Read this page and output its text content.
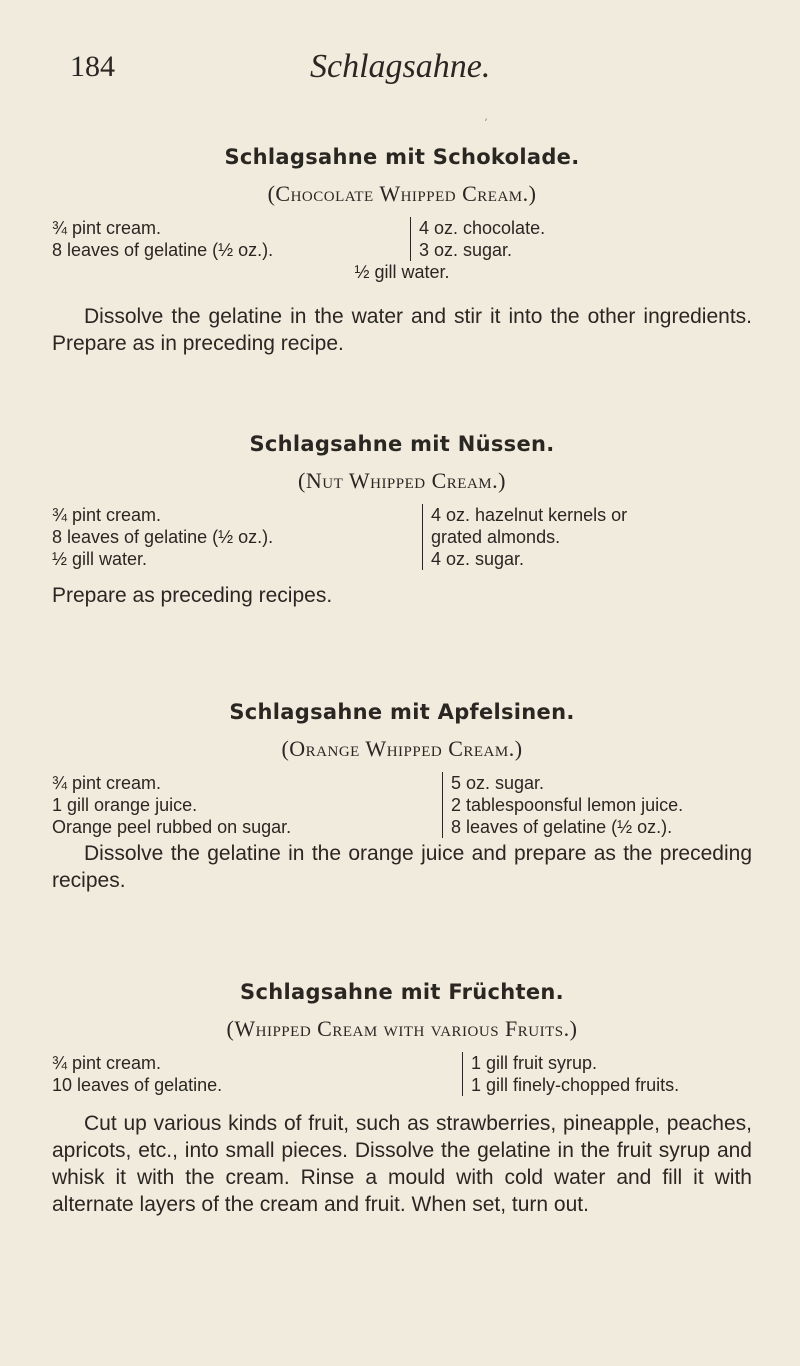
184	Schlagsahne.
ʼ
Schlagsahne mit Schokolade.

(Chocolate Whipped Cream.)

¾ pint cream.
8 leaves of gelatine (½ oz.).
4 oz. chocolate.
3 oz. sugar.
½ gill water.

Dissolve the gelatine in the water and stir it into the other ingredients. Prepare as in preceding recipe.

Schlagsahne mit Nüssen.

(Nut Whipped Cream.)

¾ pint cream.
8 leaves of gelatine (½ oz.).
½ gill water.
4 oz. hazelnut kernels or
grated almonds.
4 oz. sugar.

Prepare as preceding recipes.

Schlagsahne mit Apfelsinen.

(Orange Whipped Cream.)

¾ pint cream.
1 gill orange juice.
Orange peel rubbed on sugar.
5 oz. sugar.
2 tablespoonsful lemon juice.
8 leaves of gelatine (½ oz.).

Dissolve the gelatine in the orange juice and prepare as the preceding recipes.

Schlagsahne mit Früchten.

(Whipped Cream with various Fruits.)

¾ pint cream.
10 leaves of gelatine.
1 gill fruit syrup.
1 gill finely-chopped fruits.

Cut up various kinds of fruit, such as strawberries, pineapple, peaches, apricots, etc., into small pieces. Dissolve the gelatine in the fruit syrup and whisk it with the cream. Rinse a mould with cold water and fill it with alternate layers of the cream and fruit. When set, turn out.
